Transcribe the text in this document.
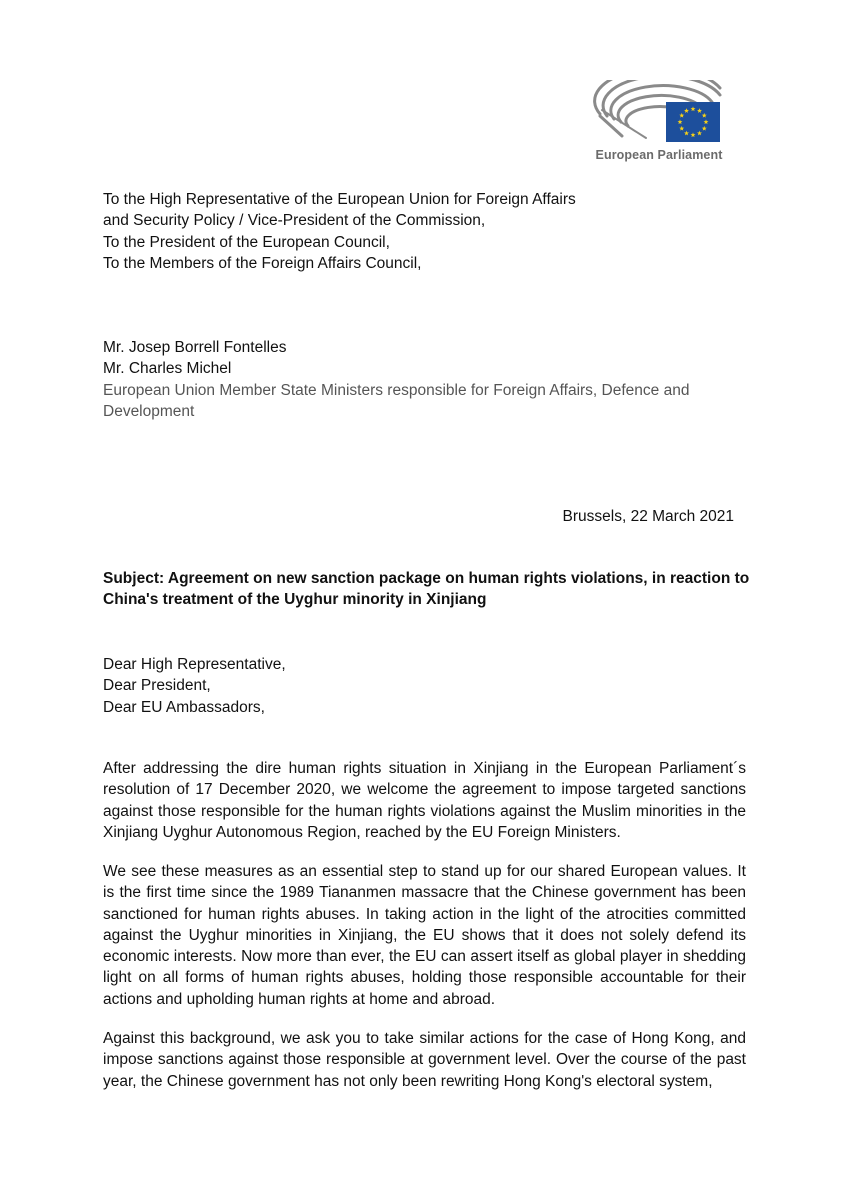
European Parliament
To the High Representative of the European Union for Foreign Affairs
and Security Policy / Vice-President of the Commission,
To the President of the European Council,
To the Members of the Foreign Affairs Council,
Mr. Josep Borrell Fontelles
Mr. Charles Michel
European Union Member State Ministers responsible for Foreign Affairs, Defence and
Development
Brussels, 22 March 2021
Subject: Agreement on new sanction package on human rights violations, in reaction to
China's treatment of the Uyghur minority in Xinjiang
Dear High Representative,
Dear President,
Dear EU Ambassadors,

After addressing the dire human rights situation in Xinjiang in the European Parliament´s resolution of 17 December 2020, we welcome the agreement to impose targeted sanctions against those responsible for the human rights violations against the Muslim minorities in the Xinjiang Uyghur Autonomous Region, reached by the EU Foreign Ministers.

We see these measures as an essential step to stand up for our shared European values. It is the first time since the 1989 Tiananmen massacre that the Chinese government has been sanctioned for human rights abuses. In taking action in the light of the atrocities committed against the Uyghur minorities in Xinjiang, the EU shows that it does not solely defend its economic interests. Now more than ever, the EU can assert itself as global player in shedding light on all forms of human rights abuses, holding those responsible accountable for their actions and upholding human rights at home and abroad.

Against this background, we ask you to take similar actions for the case of Hong Kong, and impose sanctions against those responsible at government level. Over the course of the past year, the Chinese government has not only been rewriting Hong Kong's electoral system,
